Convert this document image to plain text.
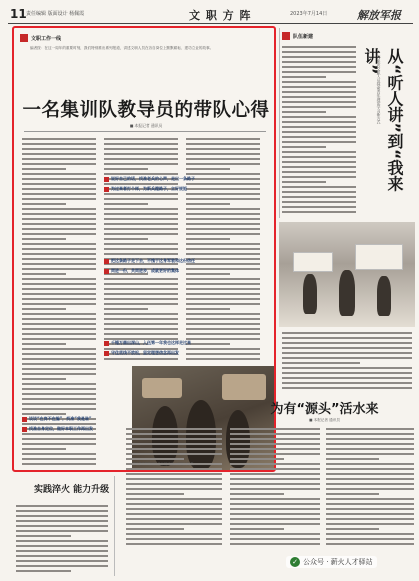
11 责任编辑 版面设计 杨佩霞	文 职 方 阵	2023年7月14日	解放军报
文职工作一线
编者按：在这一周年的重要时刻，我们特别推出系列报道，讲述文职人员在各自岗位上默默耕耘、建功立业的故事。
一名集训队教导员的带队心得
■ 本报记者 通讯员
说好自己的话，找准老兵的心声，走出一条路子
为过来者打个样，为新兵蹚路子，立好规矩
把这条路子走下去，不愧于这身军装和这份信任
同进一份，共同进步，成就更好的集体
千锤万凿出深山，入伍第一年我也这样走过来
守住底线不放松，坚定理想信念再出发
谈谈“在岗不在编”，找准“我是谁”
找准自身定位，做好本职工作再出发
队伍新建
从“听人讲”到“我来讲”
广西来宾文职人员探索青年理论学习新方式
为有“源头”活水来
■ 本报记者 通讯员
实践淬火 能力升级
✓ 公众号 · 薪火人才驿站
